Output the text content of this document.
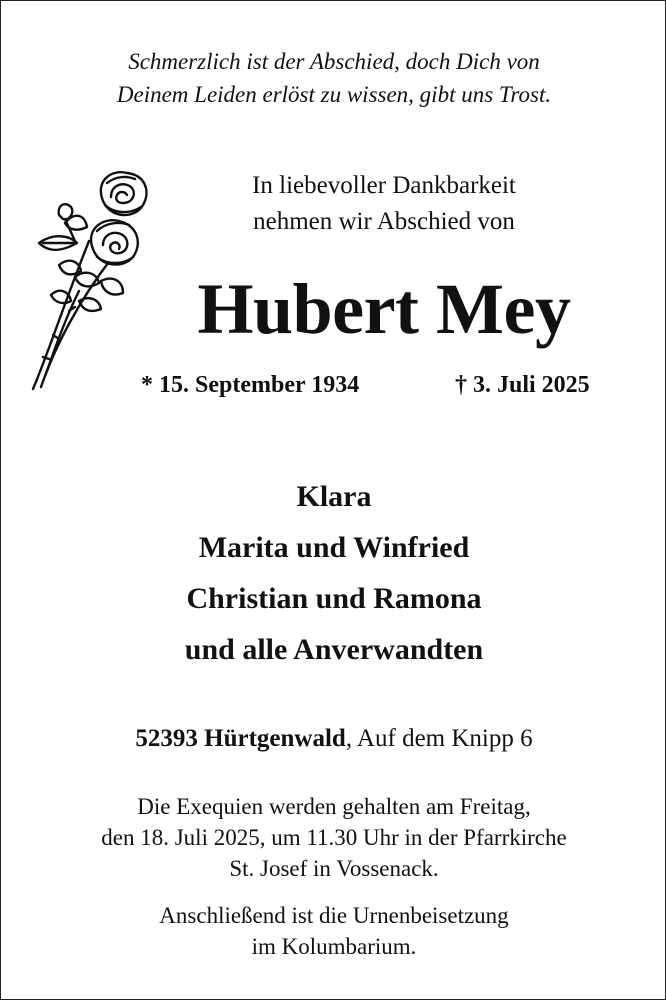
Schmerzlich ist der Abschied, doch Dich von
Deinem Leiden erlöst zu wissen, gibt uns Trost.
In liebevoller Dankbarkeit
nehmen wir Abschied von
Hubert Mey
* 15. September 1934	† 3. Juli 2025
Klara
Marita und Winfried
Christian und Ramona
und alle Anverwandten
52393 Hürtgenwald, Auf dem Knipp 6
Die Exequien werden gehalten am Freitag,
den 18. Juli 2025, um 11.30 Uhr in der Pfarrkirche
St. Josef in Vossenack.
Anschließend ist die Urnenbeisetzung
im Kolumbarium.
